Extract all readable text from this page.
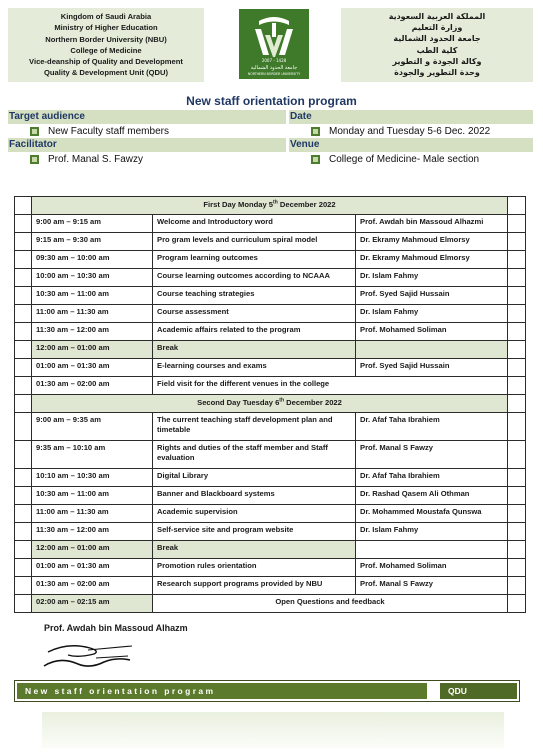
Kingdom of Saudi Arabia
Ministry of Higher Education
Northern Border University (NBU)
College of Medicine
Vice-deanship of Quality and Development
Quality & Development Unit (QDU)
2007 - 1428
جامعة الحدود الشمالية
NORTHERN BORDER UNIVERSITY
المملكة العربية السعودية
وزارة التعليم
جامعة الحدود الشمالية
كلية الطب
وكالة الجودة و التطوير
وحدة التطوير والجودة
New staff orientation program
Target audience
New Faculty staff members
Facilitator
Prof. Manal S. Fawzy
Date
Monday and Tuesday 5-6 Dec. 2022
Venue
College of Medicine- Male section
	First Day Monday 5th December 2022			
	9:00 am – 9:15 am	Welcome and Introductory word	Prof. Awdah bin Massoud Alhazmi	
	9:15 am – 9:30 am	Pro gram levels and curriculum spiral model	Dr. Ekramy Mahmoud Elmorsy	
	09:30 am – 10:00 am	Program learning outcomes	Dr. Ekramy Mahmoud Elmorsy	
	10:00 am – 10:30 am	Course learning outcomes according to NCAAA	Dr. Islam Fahmy	
	10:30 am – 11:00 am	Course teaching strategies	Prof. Syed Sajid Hussain	
	11:00 am – 11:30 am	Course assessment	Dr. Islam Fahmy	
	11:30 am – 12:00 am	Academic affairs related to the program	Prof. Mohamed Soliman	
	12:00 am – 01:00 am	Break		
	01:00 am – 01:30 am	E-learning courses and exams	Prof. Syed Sajid Hussain	
	01:30 am – 02:00 am	Field visit for the different venues in the college		
	Second Day Tuesday 6th December 2022			
	9:00 am – 9:35 am	The current teaching staff development plan and timetable	Dr. Afaf Taha Ibrahiem	
	9:35 am – 10:10 am	Rights and duties of the staff member and Staff evaluation	Prof. Manal S Fawzy	
	10:10 am – 10:30 am	Digital Library	Dr. Afaf Taha Ibrahiem	
	10:30 am – 11:00 am	Banner and Blackboard systems	Dr. Rashad Qasem Ali Othman	
	11:00 am – 11:30 am	Academic supervision	Dr. Mohammed Moustafa Qunswa	
	11:30 am – 12:00 am	Self-service site and program website	Dr. Islam Fahmy	
	12:00 am – 01:00 am	Break		
	01:00 am – 01:30 am	Promotion rules orientation	Prof. Mohamed Soliman	
	01:30 am – 02:00 am	Research support programs provided by NBU	Prof. Manal S Fawzy	
	02:00 am – 02:15 am	Open Questions and feedback		
Prof. Awdah bin Massoud Alhazm
New staff orientation program	QDU
